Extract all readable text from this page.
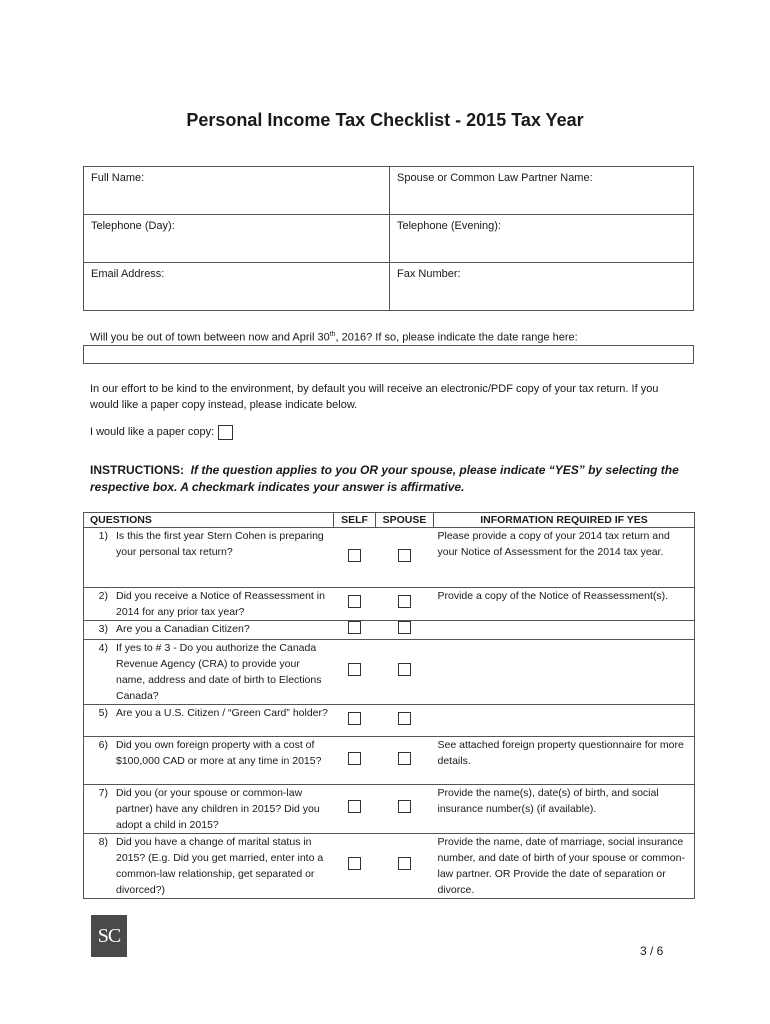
Personal Income Tax Checklist - 2015 Tax Year
Full Name:	Spouse or Common Law Partner Name:
Telephone (Day):	Telephone (Evening):
Email Address:	Fax Number:

Will you be out of town between now and April 30th, 2016? If so, please indicate the date range here:

In our effort to be kind to the environment, by default you will receive an electronic/PDF copy of your tax return. If you would like a paper copy instead, please indicate below.

I would like a paper copy:

INSTRUCTIONS: If the question applies to you OR your spouse, please indicate “YES” by selecting the respective box. A checkmark indicates your answer is affirmative.

QUESTIONS	SELF	SPOUSE	INFORMATION REQUIRED IF YES

1) Is this the first year Stern Cohen is preparing your personal tax return?			Please provide a copy of your 2014 tax return and your Notice of Assessment for the 2014 tax year.

2) Did you receive a Notice of Reassessment in 2014 for any prior tax year?			Provide a copy of the Notice of Reassessment(s).

3) Are you a Canadian Citizen?			

4) If yes to # 3 - Do you authorize the Canada Revenue Agency (CRA) to provide your name, address and date of birth to Elections Canada?			

5) Are you a U.S. Citizen / “Green Card” holder?			

6) Did you own foreign property with a cost of $100,000 CAD or more at any time in 2015?			See attached foreign property questionnaire for more details.

7) Did you (or your spouse or common-law partner) have any children in 2015? Did you adopt a child in 2015?			Provide the name(s), date(s) of birth, and social insurance number(s) (if available).

8) Did you have a change of marital status in 2015? (E.g. Did you get married, enter into a common-law relationship, get separated or divorced?)			Provide the name, date of marriage, social insurance number, and date of birth of your spouse or common-law partner. OR Provide the date of separation or divorce.
SC
3 / 6
